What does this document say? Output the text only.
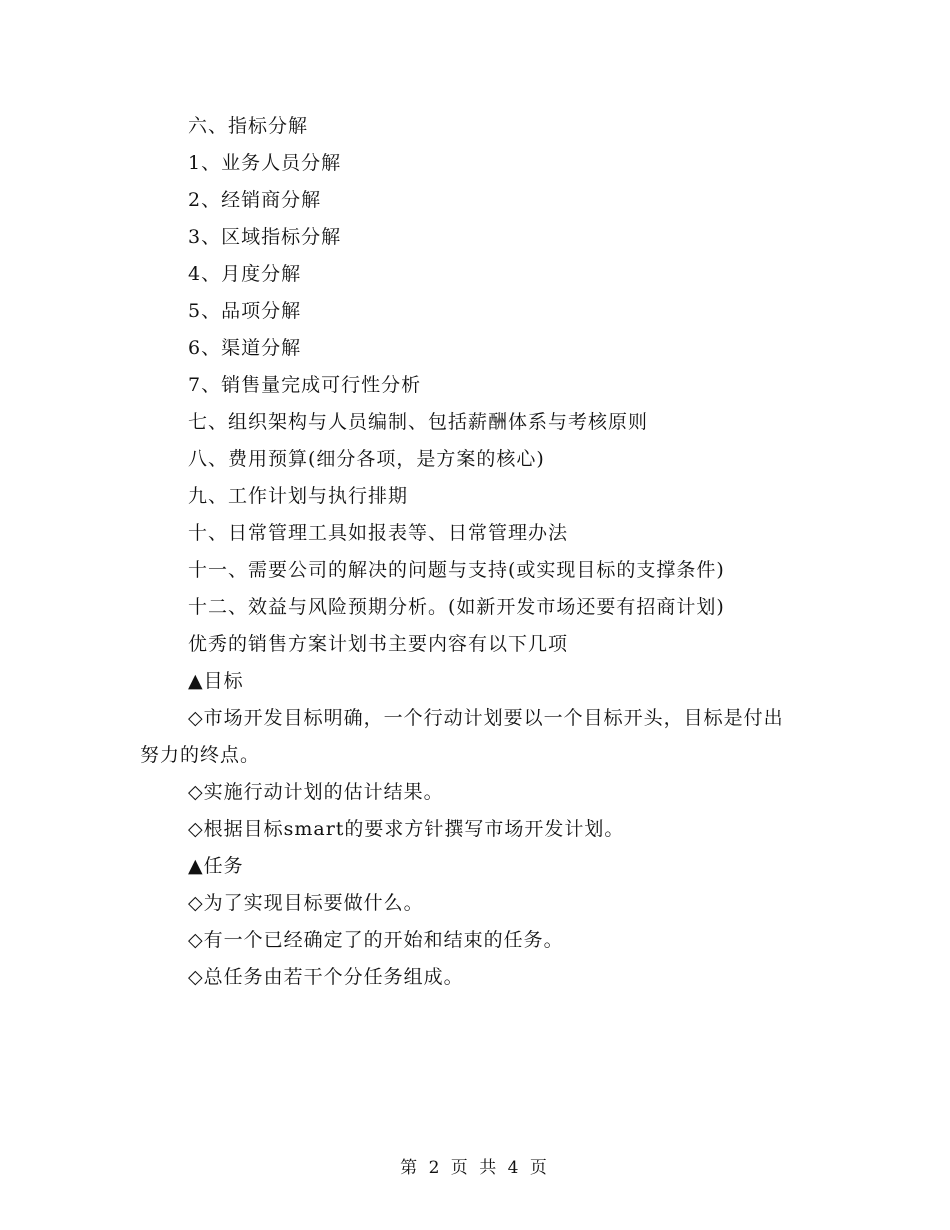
六、指标分解
1、业务人员分解
2、经销商分解
3、区域指标分解
4、月度分解
5、品项分解
6、渠道分解
7、销售量完成可行性分析
七、组织架构与人员编制、包括薪酬体系与考核原则
八、费用预算(细分各项，是方案的核心)
九、工作计划与执行排期
十、日常管理工具如报表等、日常管理办法
十一、需要公司的解决的问题与支持(或实现目标的支撑条件)
十二、效益与风险预期分析。(如新开发市场还要有招商计划)
优秀的销售方案计划书主要内容有以下几项
▲目标
◇市场开发目标明确，一个行动计划要以一个目标开头，目标是付出努力的终点。
◇实施行动计划的估计结果。
◇根据目标smart的要求方针撰写市场开发计划。
▲任务
◇为了实现目标要做什么。
◇有一个已经确定了的开始和结束的任务。
◇总任务由若干个分任务组成。
第 2 页 共 4 页
